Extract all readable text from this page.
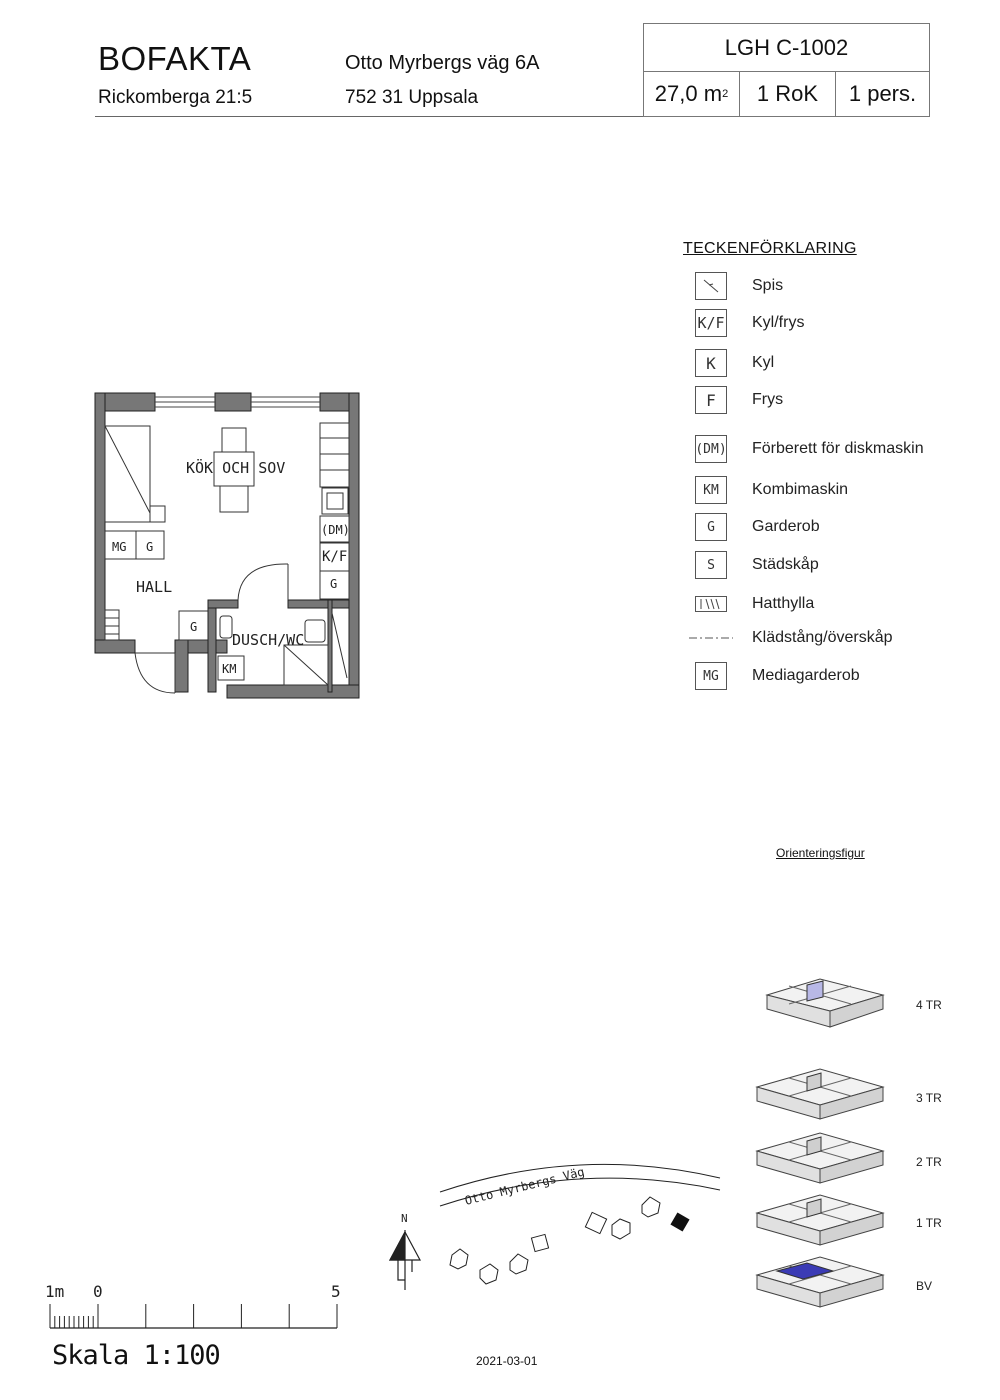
BOFAKTA
Rickomberga 21:5
Otto Myrbergs väg 6A
752 31 Uppsala
LGH C-1002
27,0 m 2	1 RoK	1 pers.
KÖK OCH SOV
HALL
DUSCH/WC
MG G
G
(DM)
K/F
G
KM
TECKENFÖRKLARING
Spis
K/F Kyl/frys
K Kyl
F Frys
(DM) Förberett för diskmaskin
KM Kombimaskin
G Garderob
S Städskåp
Hatthylla
Klädstång/överskåp
MG Mediagarderob
Orienteringsfigur
4 TR
3 TR
2 TR
1 TR
BV
Otto Myrbergs Väg
N
1m 0	5
Skala 1:100	2021-03-01
